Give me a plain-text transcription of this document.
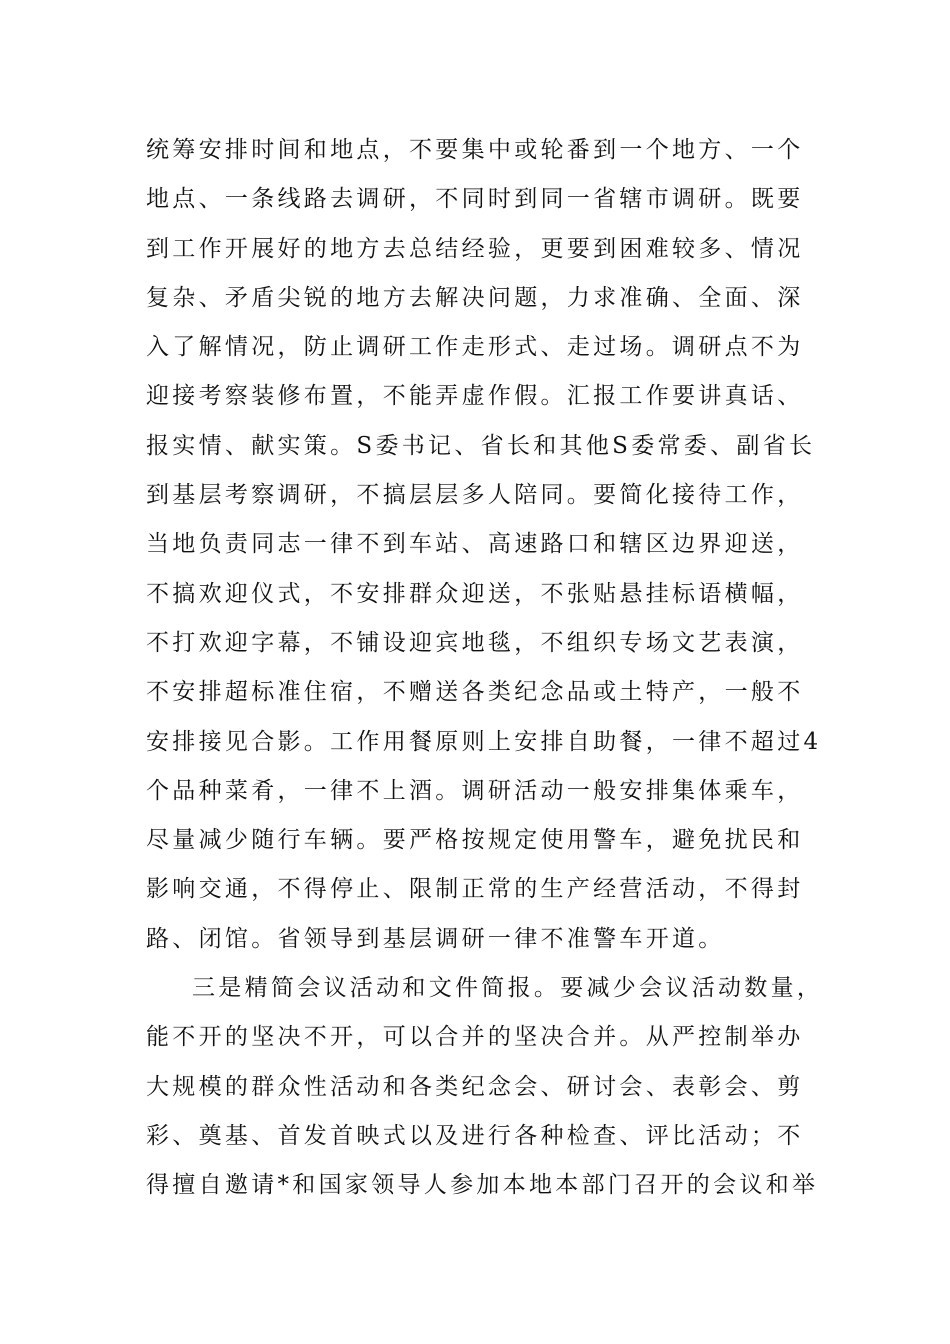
统筹安排时间和地点，不要集中或轮番到一个地方、一个
地点、一条线路去调研，不同时到同一省辖市调研。既要
到工作开展好的地方去总结经验，更要到困难较多、情况
复杂、矛盾尖锐的地方去解决问题，力求准确、全面、深
入了解情况，防止调研工作走形式、走过场。调研点不为
迎接考察装修布置，不能弄虚作假。汇报工作要讲真话、
报实情、献实策。S委书记、省长和其他S委常委、副省长
到基层考察调研，不搞层层多人陪同。要简化接待工作，
当地负责同志一律不到车站、高速路口和辖区边界迎送，
不搞欢迎仪式，不安排群众迎送，不张贴悬挂标语横幅，
不打欢迎字幕，不铺设迎宾地毯，不组织专场文艺表演，
不安排超标准住宿，不赠送各类纪念品或土特产，一般不
安排接见合影。工作用餐原则上安排自助餐，一律不超过4
个品种菜肴，一律不上酒。调研活动一般安排集体乘车，
尽量减少随行车辆。要严格按规定使用警车，避免扰民和
影响交通，不得停止、限制正常的生产经营活动，不得封
路、闭馆。省领导到基层调研一律不准警车开道。
三是精简会议活动和文件简报。要减少会议活动数量，
能不开的坚决不开，可以合并的坚决合并。从严控制举办
大规模的群众性活动和各类纪念会、研讨会、表彰会、剪
彩、奠基、首发首映式以及进行各种检查、评比活动；不
得擅自邀请*和国家领导人参加本地本部门召开的会议和举
